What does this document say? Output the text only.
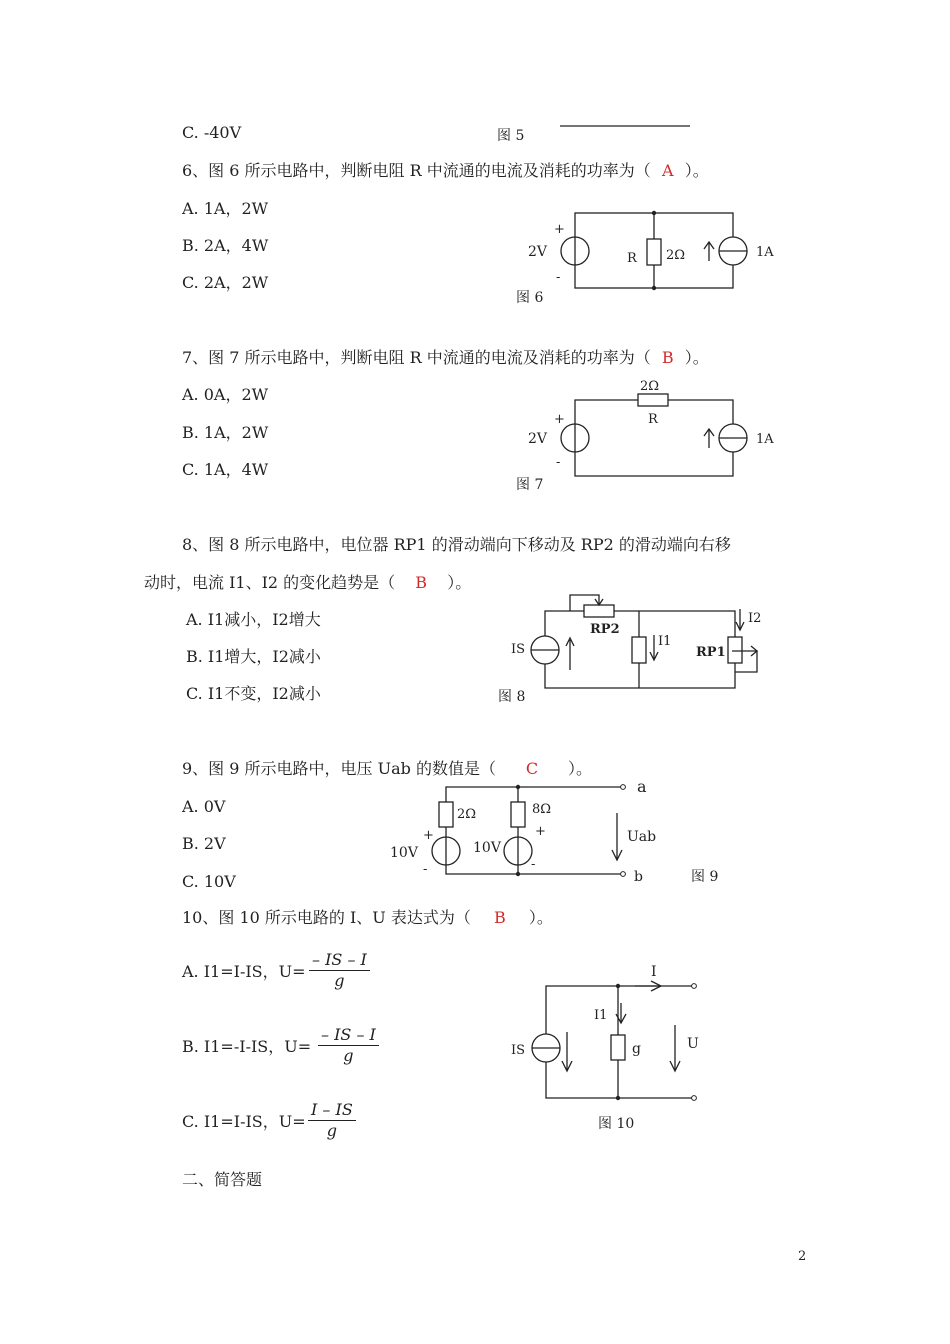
C. -40V	图 5
6、图 6 所示电路中，判断电阻 R 中流通的电流及消耗的功率为（ A ）。
A. 1A，2W
B. 2A，4W
C. 2A，2W
+
-
2V	R 2Ω	1A
图 6
7、图 7 所示电路中，判断电阻 R 中流通的电流及消耗的功率为（ B ）。
A. 0A，2W
B. 1A，2W
C. 1A，4W
2Ω
R
+
-
2V	1A
图 7
8、图 8 所示电路中，电位器 RP1 的滑动端向下移动及 RP2 的滑动端向右移
动时，电流 I1、I2 的变化趋势是（ B ）。
A. I1减小，I2增大
B. I1增大，I2减小
C. I1不变，I2减小
IS
RP2
I1
RP1
I2
图 8
9、图 9 所示电路中，电压 Uab 的数值是（ C ）。
A. 0V
B. 2V
C. 10V
2Ω	8Ω
+	+
-	-
10V	10V
Uab
a
b	图 9
10、图 10 所示电路的 I、U 表达式为（ B ）。
A. I1=I-IS，$U= \frac{- IS - I}{g}$
B. I1=-I-IS，$U= \frac{- IS - I}{g}$
C. I1=I-IS，$U= \frac{I - IS}{g}$
I
I1
IS	g	U
图 10
二、简答题
2
